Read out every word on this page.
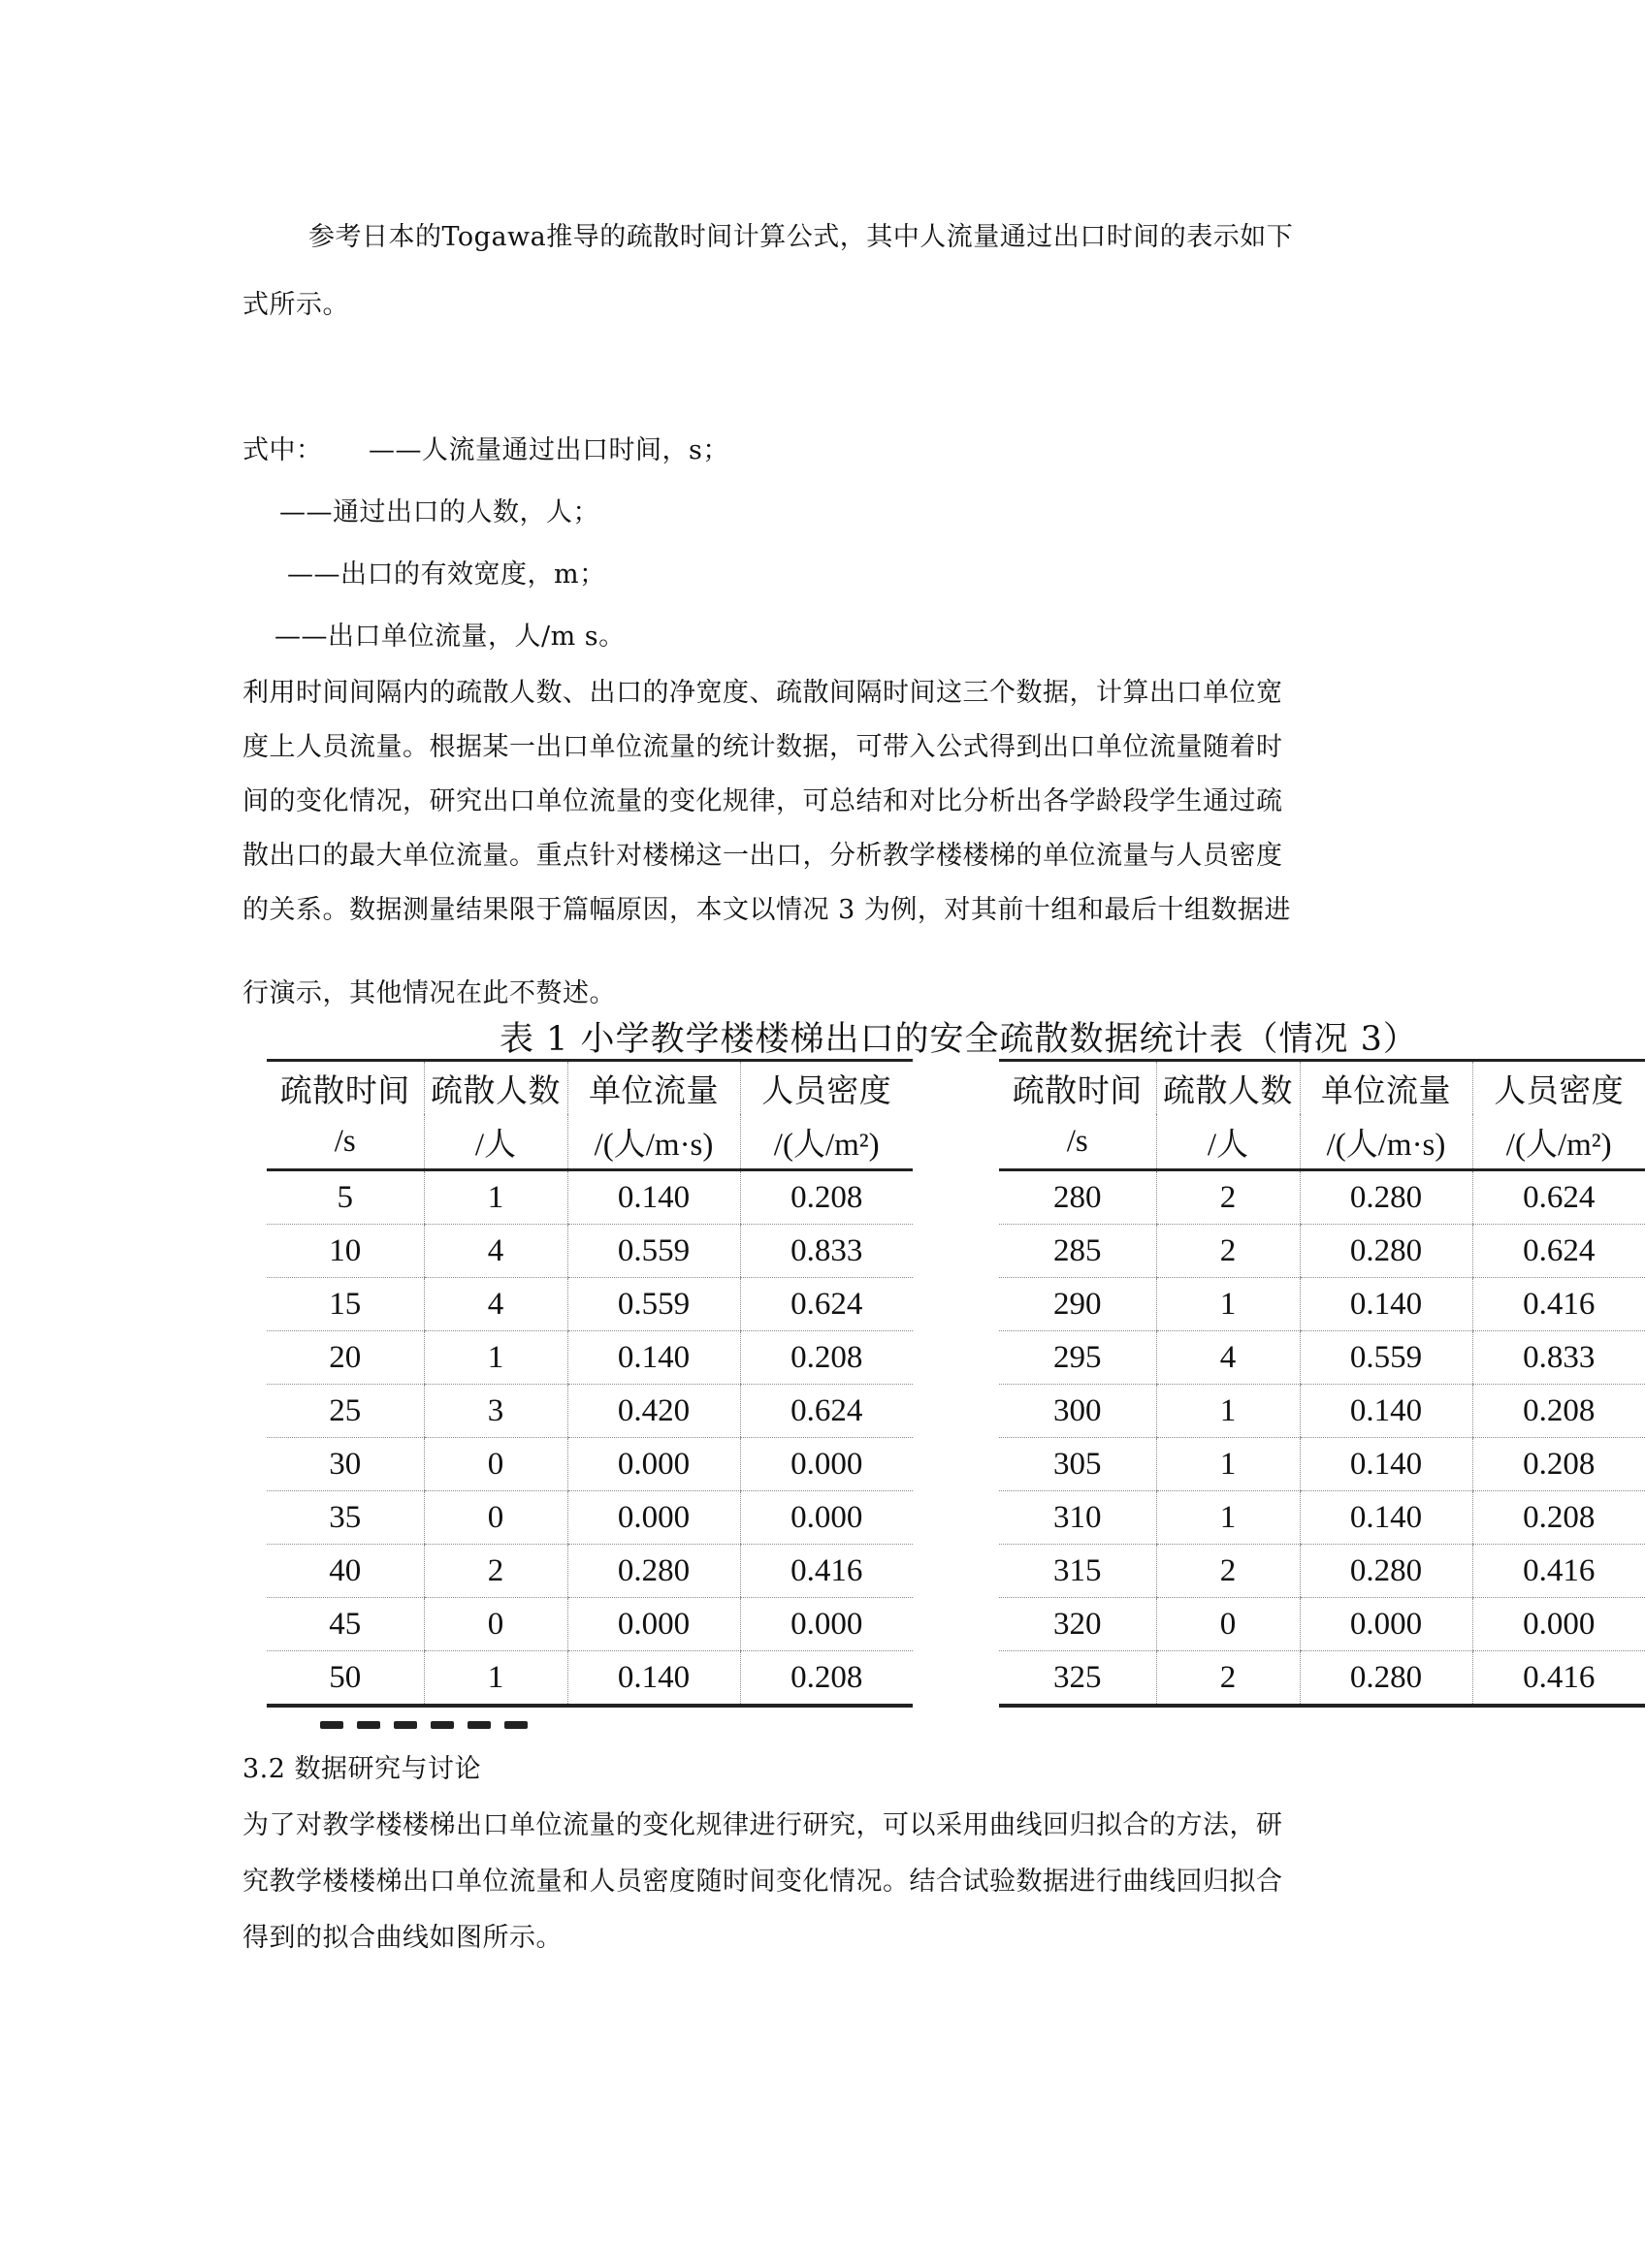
参考日本的Togawa推导的疏散时间计算公式，其中人流量通过出口时间的表示如下
式所示。
式中： ——人流量通过出口时间，s；
——通过出口的人数，人；
——出口的有效宽度，m；
——出口单位流量，人/m s。
利用时间间隔内的疏散人数、出口的净宽度、疏散间隔时间这三个数据，计算出口单位宽
度上人员流量。根据某一出口单位流量的统计数据，可带入公式得到出口单位流量随着时
间的变化情况，研究出口单位流量的变化规律，可总结和对比分析出各学龄段学生通过疏
散出口的最大单位流量。重点针对楼梯这一出口，分析教学楼楼梯的单位流量与人员密度
的关系。数据测量结果限于篇幅原因，本文以情况 3 为例，对其前十组和最后十组数据进
行演示，其他情况在此不赘述。
表 1 小学教学楼楼梯出口的安全疏散数据统计表（情况 3）
疏散时间	疏散人数	单位流量	人员密度
/s	/人	/(人/m·s)	/(人/m²)
5	1	0.140	0.208
10	4	0.559	0.833
15	4	0.559	0.624
20	1	0.140	0.208
25	3	0.420	0.624
30	0	0.000	0.000
35	0	0.000	0.000
40	2	0.280	0.416
45	0	0.000	0.000
50	1	0.140	0.208
疏散时间	疏散人数	单位流量	人员密度
/s	/人	/(人/m·s)	/(人/m²)
280	2	0.280	0.624
285	2	0.280	0.624
290	1	0.140	0.416
295	4	0.559	0.833
300	1	0.140	0.208
305	1	0.140	0.208
310	1	0.140	0.208
315	2	0.280	0.416
320	0	0.000	0.000
325	2	0.280	0.416
3.2 数据研究与讨论
为了对教学楼楼梯出口单位流量的变化规律进行研究，可以采用曲线回归拟合的方法，研
究教学楼楼梯出口单位流量和人员密度随时间变化情况。结合试验数据进行曲线回归拟合
得到的拟合曲线如图所示。
